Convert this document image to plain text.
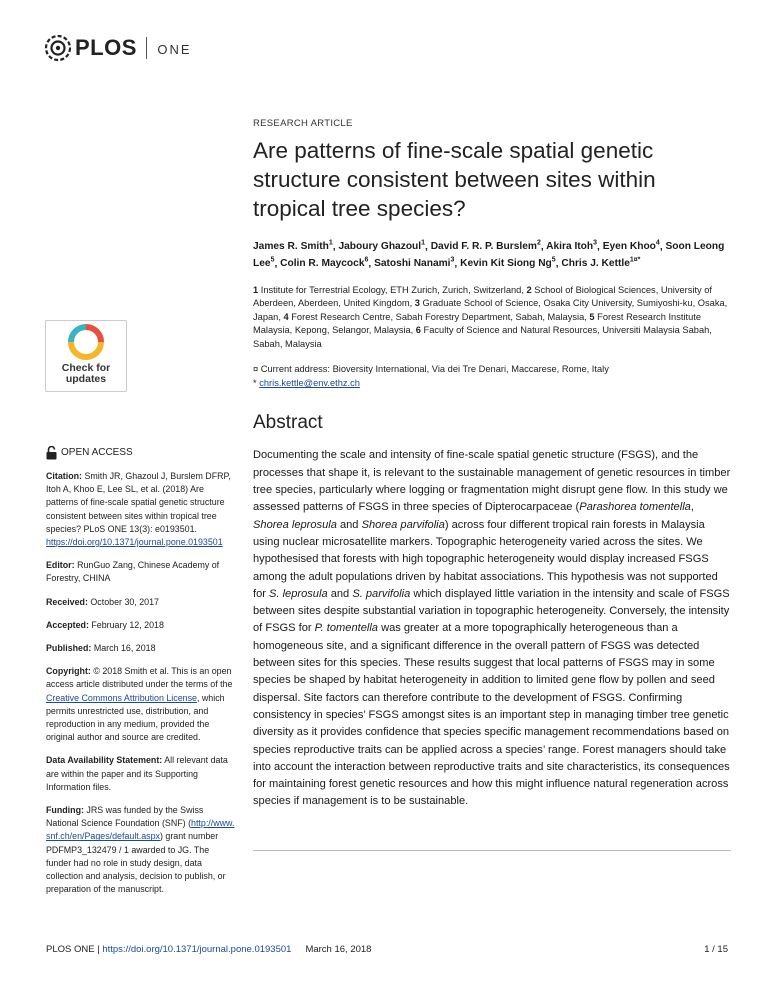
PLOS ONE
Check for
updates
OPEN ACCESS

Citation: Smith JR, Ghazoul J, Burslem DFRP, Itoh A, Khoo E, Lee SL, et al. (2018) Are patterns of fine-scale spatial genetic structure consistent between sites within tropical tree species? PLoS ONE 13(3): e0193501. https://doi.org/10.1371/journal.pone.0193501

Editor: RunGuo Zang, Chinese Academy of Forestry, CHINA

Received: October 30, 2017

Accepted: February 12, 2018

Published: March 16, 2018

Copyright: © 2018 Smith et al. This is an open access article distributed under the terms of the Creative Commons Attribution License, which permits unrestricted use, distribution, and reproduction in any medium, provided the original author and source are credited.

Data Availability Statement: All relevant data are within the paper and its Supporting Information files.

Funding: JRS was funded by the Swiss National Science Foundation (SNF) (http://www.snf.ch/en/Pages/default.aspx) grant number PDFMP3_132479 / 1 awarded to JG. The funder had no role in study design, data collection and analysis, decision to publish, or preparation of the manuscript.

RESEARCH ARTICLE
Are patterns of fine-scale spatial genetic structure consistent between sites within tropical tree species?
James R. Smith$^1$, Jaboury Ghazoul$^1$, David F. R. P. Burslem$^2$, Akira Itoh$^3$, Eyen Khoo$^4$, Soon Leong Lee$^5$, Colin R. Maycock$^6$, Satoshi Nanami$^3$, Kevin Kit Siong Ng$^5$, Chris J. Kettle$^{1¤*}$
1 Institute for Terrestrial Ecology, ETH Zurich, Zurich, Switzerland, 2 School of Biological Sciences, University of Aberdeen, Aberdeen, United Kingdom, 3 Graduate School of Science, Osaka City University, Sumiyoshi-ku, Osaka, Japan, 4 Forest Research Centre, Sabah Forestry Department, Sabah, Malaysia, 5 Forest Research Institute Malaysia, Kepong, Selangor, Malaysia, 6 Faculty of Science and Natural Resources, Universiti Malaysia Sabah, Sabah, Malaysia
¤ Current address: Bioversity International, Via dei Tre Denari, Maccarese, Rome, Italy
* chris.kettle@env.ethz.ch
Abstract
Documenting the scale and intensity of fine-scale spatial genetic structure (FSGS), and the processes that shape it, is relevant to the sustainable management of genetic resources in timber tree species, particularly where logging or fragmentation might disrupt gene flow. In this study we assessed patterns of FSGS in three species of Dipterocarpaceae (Parashorea tomentella, Shorea leprosula and Shorea parvifolia) across four different tropical rain forests in Malaysia using nuclear microsatellite markers. Topographic heterogeneity varied across the sites. We hypothesised that forests with high topographic heterogeneity would display increased FSGS among the adult populations driven by habitat associations. This hypothesis was not supported for S. leprosula and S. parvifolia which displayed little variation in the intensity and scale of FSGS between sites despite substantial variation in topographic heterogeneity. Conversely, the intensity of FSGS for P. tomentella was greater at a more topographically heterogeneous than a homogeneous site, and a significant difference in the overall pattern of FSGS was detected between sites for this species. These results suggest that local patterns of FSGS may in some species be shaped by habitat heterogeneity in addition to limited gene flow by pollen and seed dispersal. Site factors can therefore contribute to the development of FSGS. Confirming consistency in species’ FSGS amongst sites is an important step in managing timber tree genetic diversity as it provides confidence that species specific management recommendations based on species reproductive traits can be applied across a species’ range. Forest managers should take into account the interaction between reproductive traits and site characteristics, its consequences for maintaining forest genetic resources and how this might influence natural regeneration across species if management is to be sustainable.
PLOS ONE |
https://doi.org/10.1371/journal.pone.0193501 March 16, 2018	1 / 15
